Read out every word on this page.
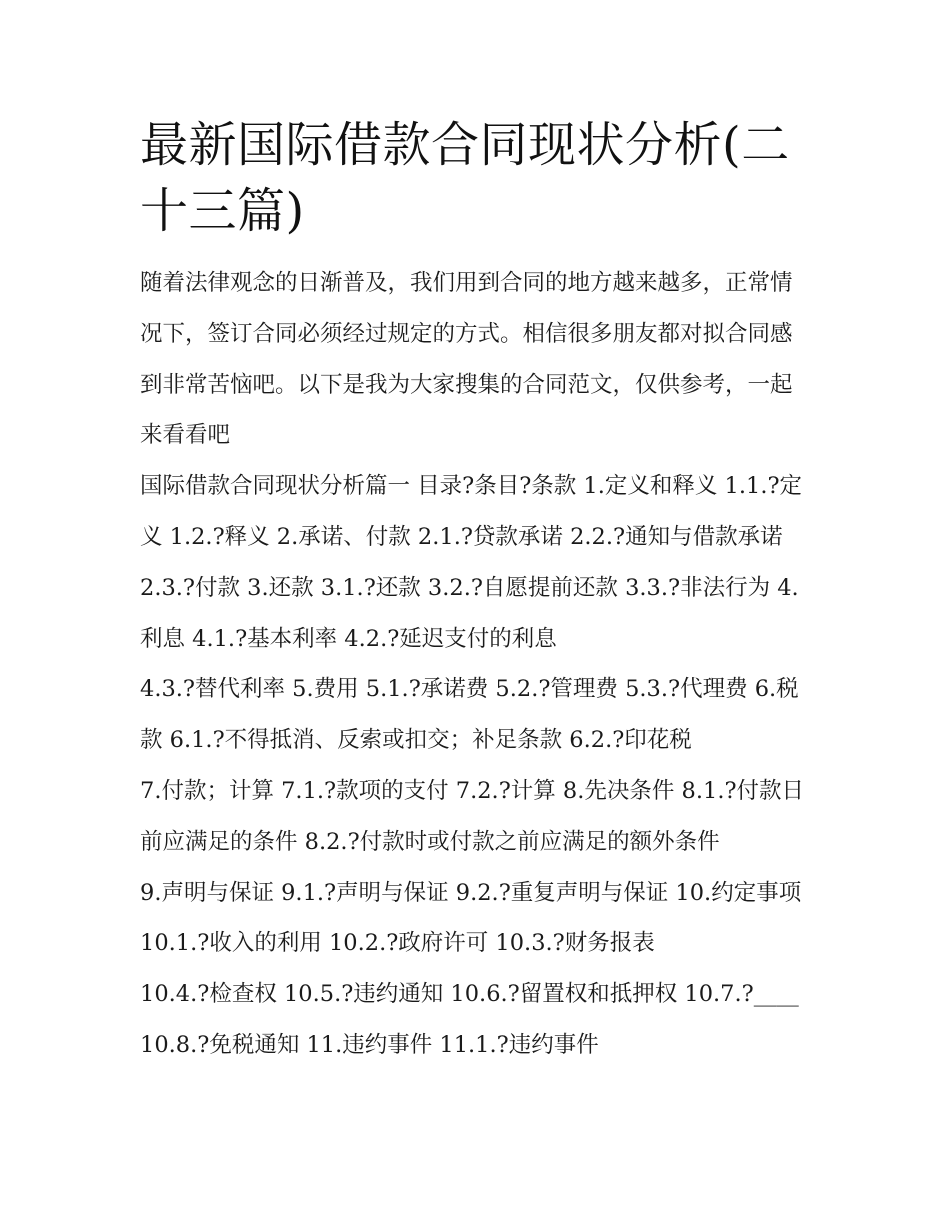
最新国际借款合同现状分析(二十三篇)

随着法律观念的日渐普及，我们用到合同的地方越来越多，正常情况下，签订合同必须经过规定的方式。相信很多朋友都对拟合同感到非常苦恼吧。以下是我为大家搜集的合同范文，仅供参考，一起来看看吧

国际借款合同现状分析篇一 目录?条目?条款 1.定义和释义 1.1.?定义 1.2.?释义 2.承诺、付款 2.1.?贷款承诺 2.2.?通知与借款承诺 2.3.?付款 3.还款 3.1.?还款 3.2.?自愿提前还款 3.3.?非法行为 4.利息 4.1.?基本利率 4.2.?延迟支付的利息

4.3.?替代利率 5.费用 5.1.?承诺费 5.2.?管理费 5.3.?代理费 6.税款 6.1.?不得抵消、反索或扣交；补足条款 6.2.?印花税

7.付款；计算 7.1.?款项的支付 7.2.?计算 8.先决条件 8.1.?付款日前应满足的条件 8.2.?付款时或付款之前应满足的额外条件

9.声明与保证 9.1.?声明与保证 9.2.?重复声明与保证 10.约定事项 10.1.?收入的利用 10.2.?政府许可 10.3.?财务报表

10.4.?检查权 10.5.?违约通知 10.6.?留置权和抵押权 10.7.?____ 10.8.?免税通知 11.违约事件 11.1.?违约事件
